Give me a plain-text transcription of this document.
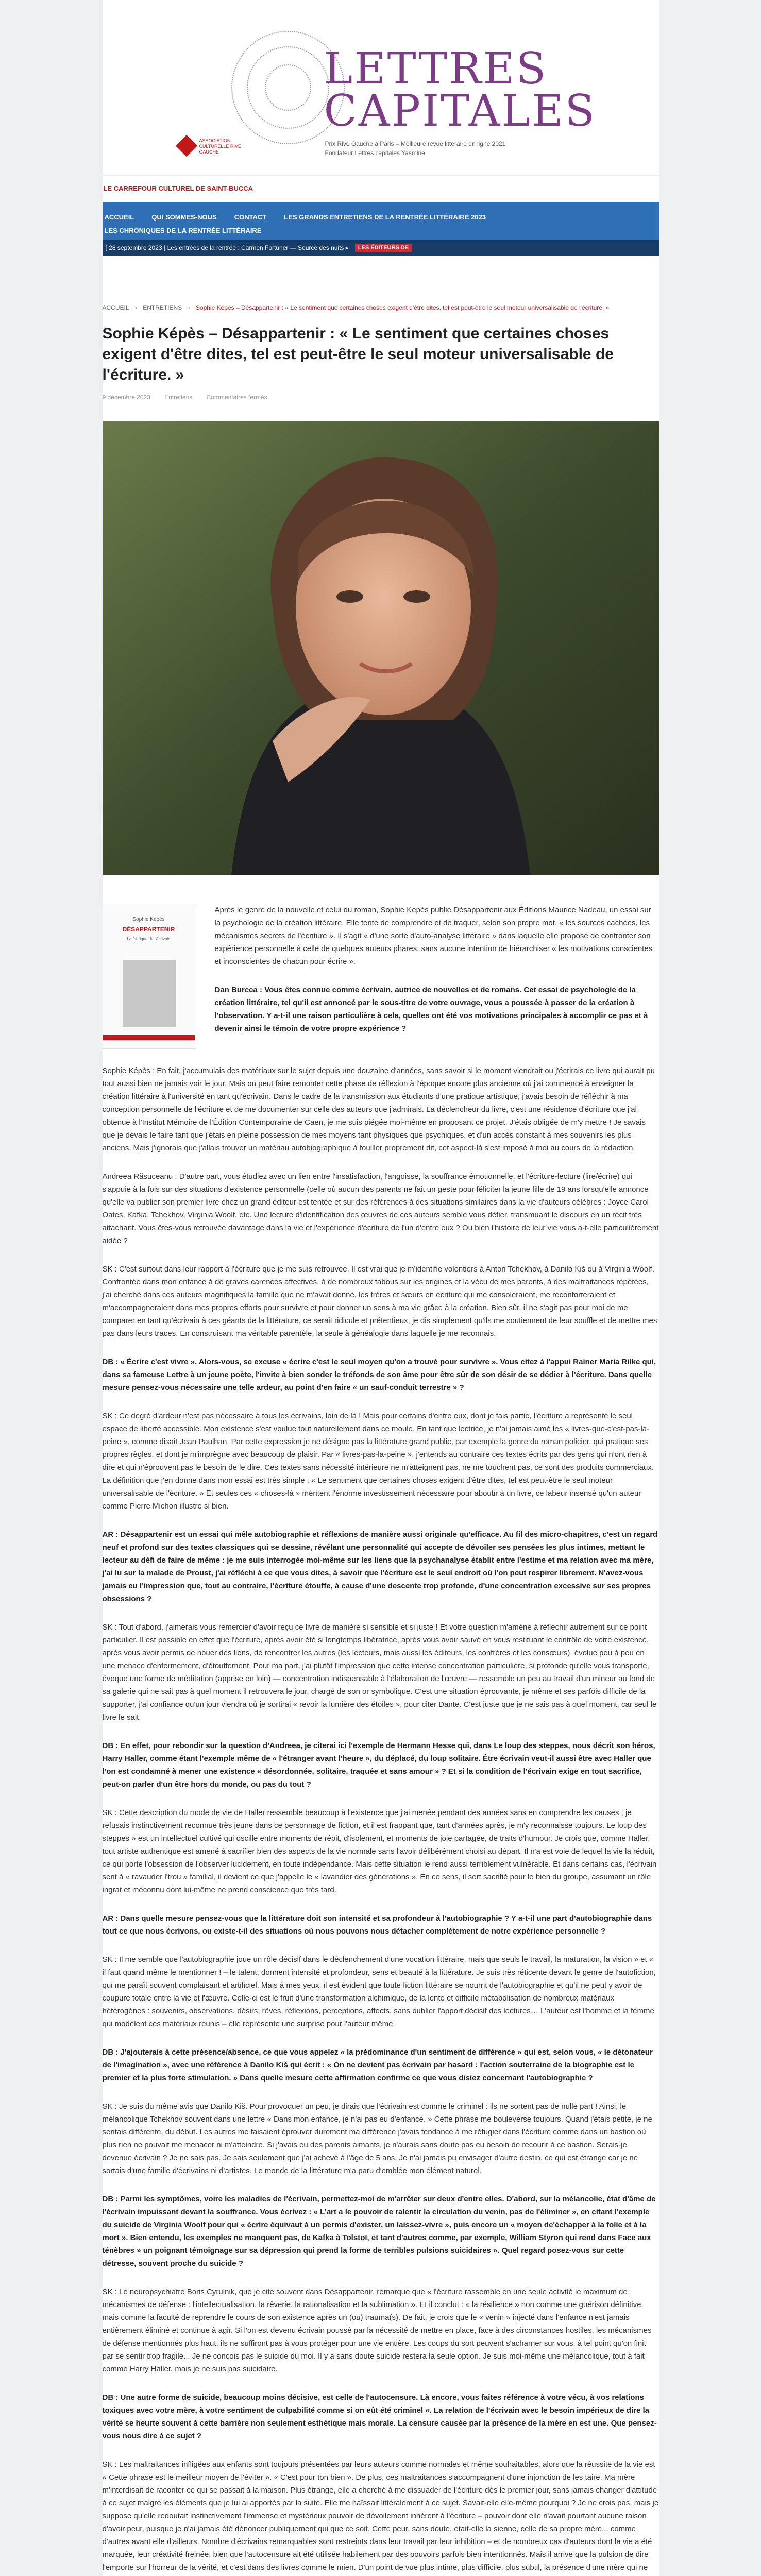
LETTRES
CAPITALES
Prix Rive Gauche à Paris – Meilleure revue littéraire en ligne 2021
Fondateur Lettres capitales Yasmine
ASSOCIATION CULTURELLE RIVE GAUCHE
LE CARREFOUR CULTUREL DE SAINT-BUCCA
ACCUEIL	QUI SOMMES-NOUS	CONTACT	LES GRANDS ENTRETIENS DE LA RENTRÉE LITTÉRAIRE 2023
LES CHRONIQUES DE LA RENTRÉE LITTÉRAIRE
[ 28 septembre 2023 ] Les entrées de la rentrée : Carmen Fortuner — Source des nuits ▸	LES ÉDITEURS DE
ACCUEIL › ENTRETIENS › Sophie Képès – Désappartenir : « Le sentiment que certaines choses exigent d'être dites, tel est peut-être le seul moteur universalisable de l'écriture. »
Sophie Képès – Désappartenir : « Le sentiment que certaines choses exigent d'être dites, tel est peut-être le seul moteur universalisable de l'écriture. »
9 décembre 2023 Entretiens Commentaires fermés
Sophie Képès
DÉSAPPARTENIR
La fabrique de l'écrivain

Après le genre de la nouvelle et celui du roman, Sophie Képès publie Désappartenir aux Éditions Maurice Nadeau, un essai sur la psychologie de la création littéraire. Elle tente de comprendre et de traquer, selon son propre mot, « les sources cachées, les mécanismes secrets de l'écriture ». Il s'agit « d'une sorte d'auto-analyse littéraire » dans laquelle elle propose de confronter son expérience personnelle à celle de quelques auteurs phares, sans aucune intention de hiérarchiser « les motivations conscientes et inconscientes de chacun pour écrire ».

Dan Burcea : Vous êtes connue comme écrivain, autrice de nouvelles et de romans. Cet essai de psychologie de la création littéraire, tel qu'il est annoncé par le sous-titre de votre ouvrage, vous a poussée à passer de la création à l'observation. Y a-t-il une raison particulière à cela, quelles ont été vos motivations principales à accomplir ce pas et à devenir ainsi le témoin de votre propre expérience ?

Sophie Képès : En fait, j'accumulais des matériaux sur le sujet depuis une douzaine d'années, sans savoir si le moment viendrait ou j'écrirais ce livre qui aurait pu tout aussi bien ne jamais voir le jour. Mais on peut faire remonter cette phase de réflexion à l'époque encore plus ancienne où j'ai commencé à enseigner la création littéraire à l'université en tant qu'écrivain. Dans le cadre de la transmission aux étudiants d'une pratique artistique, j'avais besoin de réfléchir à ma conception personnelle de l'écriture et de me documenter sur celle des auteurs que j'admirais. La déclencheur du livre, c'est une résidence d'écriture que j'ai obtenue à l'Institut Mémoire de l'Édition Contemporaine de Caen, je me suis piégée moi-même en proposant ce projet. J'étais obligée de m'y mettre ! Je savais que je devais le faire tant que j'étais en pleine possession de mes moyens tant physiques que psychiques, et d'un accès constant à mes souvenirs les plus anciens. Mais j'ignorais que j'allais trouver un matériau autobiographique à fouiller proprement dit, cet aspect-là s'est imposé à moi au cours de la rédaction.

Andreea Răsuceanu : D'autre part, vous étudiez avec un lien entre l'insatisfaction, l'angoisse, la souffrance émotionnelle, et l'écriture-lecture (lire/écrire) qui s'appuie à la fois sur des situations d'existence personnelle (celle où aucun des parents ne fait un geste pour féliciter la jeune fille de 19 ans lorsqu'elle annonce qu'elle va publier son premier livre chez un grand éditeur est tentée et sur des références à des situations similaires dans la vie d'auteurs célèbres : Joyce Carol Oates, Kafka, Tchekhov, Virginia Woolf, etc. Une lecture d'identification des œuvres de ces auteurs semble vous défier, transmuant le discours en un récit très attachant. Vous êtes-vous retrouvée davantage dans la vie et l'expérience d'écriture de l'un d'entre eux ? Ou bien l'histoire de leur vie vous a-t-elle particulièrement aidée ?

SK : C'est surtout dans leur rapport à l'écriture que je me suis retrouvée. Il est vrai que je m'identifie volontiers à Anton Tchekhov, à Danilo Kiš ou à Virginia Woolf. Confrontée dans mon enfance à de graves carences affectives, à de nombreux tabous sur les origines et la vécu de mes parents, à des maltraitances répétées, j'ai cherché dans ces auteurs magnifiques la famille que ne m'avait donné, les frères et sœurs en écriture qui me consoleraient, me réconforteraient et m'accompagneraient dans mes propres efforts pour survivre et pour donner un sens à ma vie grâce à la création. Bien sûr, il ne s'agit pas pour moi de me comparer en tant qu'écrivain à ces géants de la littérature, ce serait ridicule et prétentieux, je dis simplement qu'ils me soutiennent de leur souffle et de mettre mes pas dans leurs traces. En construisant ma véritable parentèle, la seule à généalogie dans laquelle je me reconnais.

DB : « Écrire c'est vivre ». Alors-vous, se excuse « écrire c'est le seul moyen qu'on a trouvé pour survivre ». Vous citez à l'appui Rainer Maria Rilke qui, dans sa fameuse Lettre à un jeune poète, l'invite à bien sonder le tréfonds de son âme pour être sûr de son désir de se dédier à l'écriture. Dans quelle mesure pensez-vous nécessaire une telle ardeur, au point d'en faire « un sauf-conduit terrestre » ?

SK : Ce degré d'ardeur n'est pas nécessaire à tous les écrivains, loin de là ! Mais pour certains d'entre eux, dont je fais partie, l'écriture a représenté le seul espace de liberté accessible. Mon existence s'est voulue tout naturellement dans ce moule. En tant que lectrice, je n'ai jamais aimé les « livres-que-c'est-pas-la-peine », comme disait Jean Paulhan. Par cette expression je ne désigne pas la littérature grand public, par exemple la genre du roman policier, qui pratique ses propres règles, et dont je m'imprègne avec beaucoup de plaisir. Par « livres-pas-la-peine », j'entends au contraire ces textes écrits par des gens qui n'ont rien à dire et qui n'éprouvent pas le besoin de le dire. Ces textes sans nécessité intérieure ne m'atteignent pas, ne me touchent pas, ce sont des produits commerciaux. La définition que j'en donne dans mon essai est très simple : « Le sentiment que certaines choses exigent d'être dites, tel est peut-être le seul moteur universalisable de l'écriture. » Et seules ces « choses-là » méritent l'énorme investissement nécessaire pour aboutir à un livre, ce labeur insensé qu'un auteur comme Pierre Michon illustre si bien.

AR : Désappartenir est un essai qui mêle autobiographie et réflexions de manière aussi originale qu'efficace. Au fil des micro-chapitres, c'est un regard neuf et profond sur des textes classiques qui se dessine, révélant une personnalité qui accepte de dévoiler ses pensées les plus intimes, mettant le lecteur au défi de faire de même : je me suis interrogée moi-même sur les liens que la psychanalyse établit entre l'estime et ma relation avec ma mère, j'ai lu sur la malade de Proust, j'ai réfléchi à ce que vous dites, à savoir que l'écriture est le seul endroit où l'on peut respirer librement. N'avez-vous jamais eu l'impression que, tout au contraire, l'écriture étouffe, à cause d'une descente trop profonde, d'une concentration excessive sur ses propres obsessions ?

SK : Tout d'abord, j'aimerais vous remercier d'avoir reçu ce livre de manière si sensible et si juste ! Et votre question m'amène à réfléchir autrement sur ce point particulier. Il est possible en effet que l'écriture, après avoir été si longtemps libératrice, après vous avoir sauvé en vous restituant le contrôle de votre existence, après vous avoir permis de nouer des liens, de rencontrer les autres (les lecteurs, mais aussi les éditeurs, les confrères et les consœurs), évolue peu à peu en une menace d'enfermement, d'étouffement. Pour ma part, j'ai plutôt l'impression que cette intense concentration particulière, si profonde qu'elle vous transporte, évoque une forme de méditation (apprise en loin) — concentration indispensable à l'élaboration de l'œuvre — ressemble un peu au travail d'un mineur au fond de sa galerie qui ne sait pas à quel moment il retrouvera le jour, chargé de son or symbolique. C'est une situation éprouvante, je même et ses parfois difficile de la supporter, j'ai confiance qu'un jour viendra où je sortirai « revoir la lumière des étoiles », pour citer Dante. C'est juste que je ne sais pas à quel moment, car seul le livre le sait.

DB : En effet, pour rebondir sur la question d'Andreea, je citerai ici l'exemple de Hermann Hesse qui, dans Le loup des steppes, nous décrit son héros, Harry Haller, comme étant l'exemple même de « l'étranger avant l'heure », du déplacé, du loup solitaire. Être écrivain veut-il aussi être avec Haller que l'on est condamné à mener une existence « désordonnée, solitaire, traquée et sans amour » ? Et si la condition de l'écrivain exige en tout sacrifice, peut-on parler d'un être hors du monde, ou pas du tout ?

SK : Cette description du mode de vie de Haller ressemble beaucoup à l'existence que j'ai menée pendant des années sans en comprendre les causes ; je refusais instinctivement reconnue très jeune dans ce personnage de fiction, et il est frappant que, tant d'années après, je m'y reconnaisse toujours. Le loup des steppes » est un intellectuel cultivé qui oscille entre moments de répit, d'isolement, et moments de joie partagée, de traits d'humour. Je crois que, comme Haller, tout artiste authentique est amené à sacrifier bien des aspects de la vie normale sans l'avoir délibérément choisi au départ. Il n'a est voie de lequel la vie la réduit, ce qui porte l'obsession de l'observer lucidement, en toute indépendance. Mais cette situation le rend aussi terriblement vulnérable. Et dans certains cas, l'écrivain sent à « ravauder l'trou » familial, il devient ce que j'appelle le « lavandier des générations ». En ce sens, il sert sacrifié pour le bien du groupe, assumant un rôle ingrat et méconnu dont lui-même ne prend conscience que très tard.

AR : Dans quelle mesure pensez-vous que la littérature doit son intensité et sa profondeur à l'autobiographie ? Y a-t-il une part d'autobiographie dans tout ce que nous écrivons, ou existe-t-il des situations où nous pouvons nous détacher complètement de notre expérience personnelle ?

SK : Il me semble que l'autobiographie joue un rôle décisif dans le déclenchement d'une vocation littéraire, mais que seuls le travail, la maturation, la vision » et « il faut quand même le mentionner ! – le talent, donnent intensité et profondeur, sens et beauté à la littérature. Je suis très réticente devant le genre de l'autofiction, qui me paraît souvent complaisant et artificiel. Mais à mes yeux, il est évident que toute fiction littéraire se nourrit de l'autobiographie et qu'il ne peut y avoir de coupure totale entre la vie et l'œuvre. Celle-ci est le fruit d'une transformation alchimique, de la lente et difficile métabolisation de nombreux matériaux hétérogènes : souvenirs, observations, désirs, rêves, réflexions, perceptions, affects, sans oublier l'apport décisif des lectures… L'auteur est l'homme et la femme qui modèlent ces matériaux réunis – elle représente une surprise pour l'auteur même.

DB : J'ajouterais à cette présence/absence, ce que vous appelez « la prédominance d'un sentiment de différence » qui est, selon vous, « le détonateur de l'imagination », avec une référence à Danilo Kiš qui écrit : « On ne devient pas écrivain par hasard : l'action souterraine de la biographie est le premier et la plus forte stimulation. » Dans quelle mesure cette affirmation confirme ce que vous disiez concernant l'autobiographie ?

SK : Je suis du même avis que Danilo Kiš. Pour provoquer un peu, je dirais que l'écrivain est comme le criminel : ils ne sortent pas de nulle part ! Ainsi, le mélancolique Tchekhov souvent dans une lettre « Dans mon enfance, je n'ai pas eu d'enfance. » Cette phrase me bouleverse toujours. Quand j'étais petite, je ne sentais différente, du début. Les autres me faisaient éprouver durement ma différence j'avais tendance à me réfugier dans l'écriture comme dans un bastion où plus rien ne pouvait me menacer ni m'atteindre. Si j'avais eu des parents aimants, je n'aurais sans doute pas eu besoin de recourir à ce bastion. Serais-je devenue écrivain ? Je ne sais pas. Je sais seulement que j'ai achevé à l'âge de 5 ans. Je n'ai jamais pu envisager d'autre destin, ce qui est étrange car je ne sortais d'une famille d'écrivains ni d'artistes. Le monde de la littérature m'a paru d'emblée mon élément naturel.

DB : Parmi les symptômes, voire les maladies de l'écrivain, permettez-moi de m'arrêter sur deux d'entre elles. D'abord, sur la mélancolie, état d'âme de l'écrivain impuissant devant la souffrance. Vous écrivez : « L'art a le pouvoir de ralentir la circulation du venin, pas de l'éliminer », en citant l'exemple du suicide de Virginia Woolf pour qui « écrire équivaut à un permis d'exister, un laissez-vivre », puis encore un « moyen de'échapper à la folie et à la mort ». Bien entendu, les exemples ne manquent pas, de Kafka à Tolstoï, et tant d'autres comme, par exemple, William Styron qui rend dans Face aux ténèbres » un poignant témoignage sur sa dépression qui prend la forme de terribles pulsions suicidaires ». Quel regard posez-vous sur cette détresse, souvent proche du suicide ?

SK : Le neuropsychiatre Boris Cyrulnik, que je cite souvent dans Désappartenir, remarque que « l'écriture rassemble en une seule activité le maximum de mécanismes de défense : l'intellectualisation, la rêverie, la rationalisation et la sublimation ». Et il conclut : « la résilience » non comme une guérison définitive, mais comme la faculté de reprendre le cours de son existence après un (ou) trauma(s). De fait, je crois que le « venin » injecté dans l'enfance n'est jamais entièrement éliminé et continue à agir. Si l'on est devenu écrivain poussé par la nécessité de mettre en place, face à des circonstances hostiles, les mécanismes de défense mentionnés plus haut, ils ne suffiront pas à vous protéger pour une vie entière. Les coups du sort peuvent s'acharner sur vous, à tel point qu'on finit par se sentir trop fragile... Je ne conçois pas le suicide du moi. Il y a sans doute suicide restera la seule option. Je suis moi-même une mélancolique, tout à fait comme Harry Haller, mais je ne suis pas suicidaire.

DB : Une autre forme de suicide, beaucoup moins décisive, est celle de l'autocensure. Là encore, vous faites référence à votre vécu, à vos relations toxiques avec votre mère, à votre sentiment de culpabilité comme si on eût été criminel «. La relation de l'écrivain avec le besoin impérieux de dire la vérité se heurte souvent à cette barrière non seulement esthétique mais morale. La censure causée par la présence de la mère en est une. Que pensez-vous nous dire à ce sujet ?

SK : Les maltraitances infligées aux enfants sont toujours présentées par leurs auteurs comme normales et même souhaitables, alors que la réussite de la vie est « Cette phrase est le meilleur moyen de l'éviter ». « C'est pour ton bien ». De plus, ces maltraitances s'accompagnent d'une injonction de les taire. Ma mère m'interdisait de raconter ce qui se passait à la maison. Plus étrange, elle a cherché à me dissuader de l'écriture dès le premier jour, sans jamais changer d'attitude à ce sujet malgré les éléments que je lui ai apportés par la suite. Elle me haïssait littéralement à ce sujet. Savait-elle elle-même pourquoi ? Je ne crois pas, mais je suppose qu'elle redoutait instinctivement l'immense et mystérieux pouvoir de dévoilement inhérent à l'écriture – pouvoir dont elle n'avait pourtant aucune raison d'avoir peur, puisque je n'ai jamais été dénoncer publiquement qui que ce soit. Cette peur, sans doute, était-elle la sienne, celle de sa propre mère... comme d'autres avant elle d'ailleurs. Nombre d'écrivains remarquables sont restreints dans leur travail par leur inhibition – et de nombreux cas d'auteurs dont la vie a été marquée, leur créativité freinée, bien que l'autocensure ait été utilisée habilement par des pouvoirs parfois bien intentionnés. Mais il arrive que la pulsion de dire l'emporte sur l'horreur de la vérité, et c'est dans des livres comme le mien. D'un point de vue plus intime, plus difficile, plus subtil, la présence d'une mère qui ne
